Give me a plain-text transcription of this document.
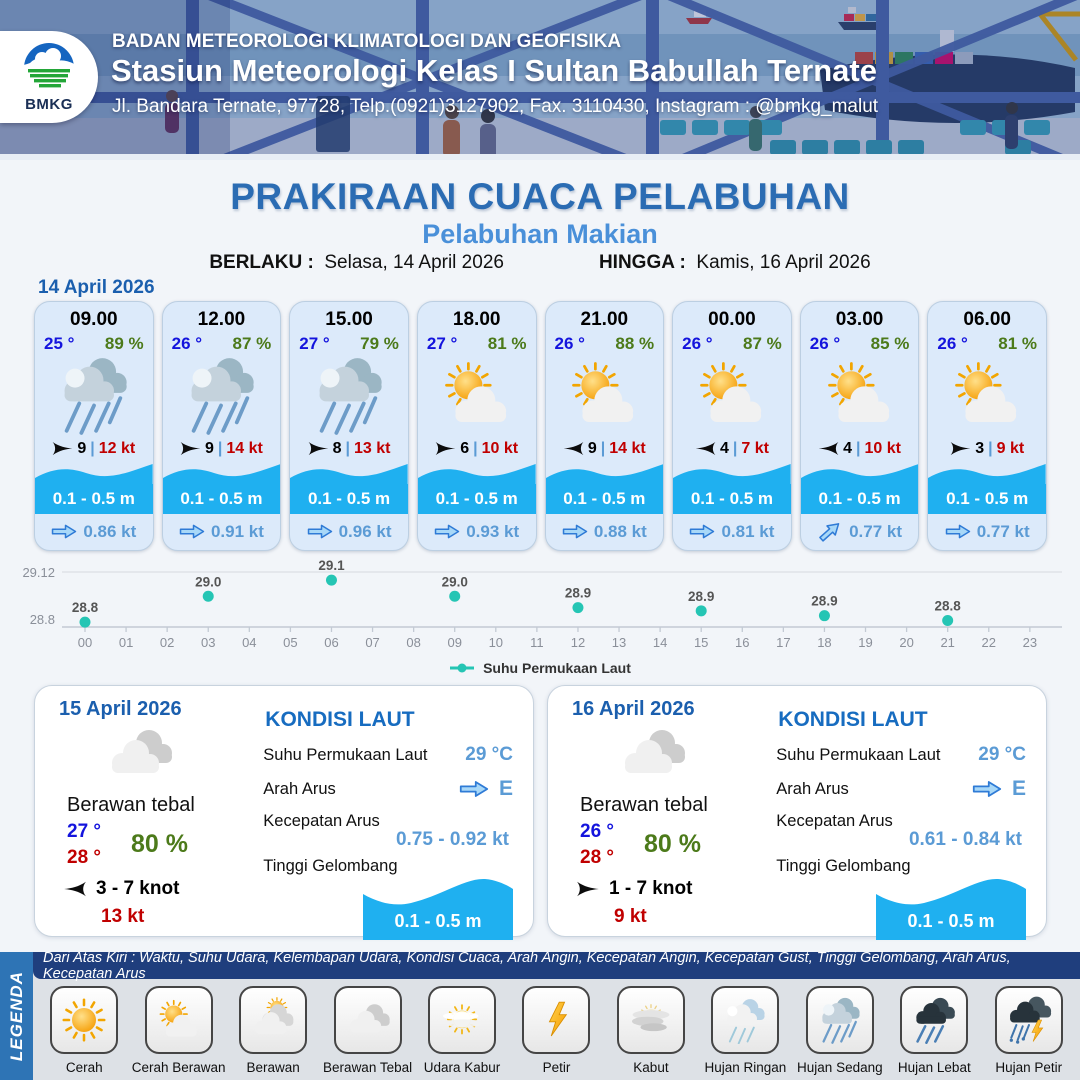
BMKG
BADAN METEOROLOGI KLIMATOLOGI DAN GEOFISIKA
Stasiun Meteorologi Kelas I Sultan Babullah Ternate
Jl. Bandara Ternate, 97728, Telp.(0921)3127902, Fax. 3110430, Instagram : @bmkg_malut
PRAKIRAAN CUACA PELABUHAN
Pelabuhan Makian
BERLAKU : Selasa, 14 April 2026	HINGGA : Kamis, 16 April 2026
14 April 2026
09.00
25 ° 89 %
9 | 12 kt
0.1 - 0.5 m
0.86 kt
12.00
26 ° 87 %
9 | 14 kt
0.1 - 0.5 m
0.91 kt
15.00
27 ° 79 %
8 | 13 kt
0.1 - 0.5 m
0.96 kt
18.00
27 ° 81 %
6 | 10 kt
0.1 - 0.5 m
0.93 kt
21.00
26 ° 88 %
9 | 14 kt
0.1 - 0.5 m
0.88 kt
00.00
26 ° 87 %
4 | 7 kt
0.1 - 0.5 m
0.81 kt
03.00
26 ° 85 %
4 | 10 kt
0.1 - 0.5 m
0.77 kt
06.00
26 ° 81 %
3 | 9 kt
0.1 - 0.5 m
0.77 kt
29.12
28.8
00 01 02 03 04 05 06 07 08 09 10 11 12 13 14 15 16 17 18 19 20 21 22 23
28.8
29.0
29.1
29.0
28.9	28.9	28.9	28.8
Suhu Permukaan Laut
15 April 2026
Berawan tebal
27 °
28 ° 80 %
3 - 7 knot
13 kt
KONDISI LAUT
Suhu Permukaan Laut 29 °C
Arah Arus	E
Kecepatan Arus
0.75 - 0.92 kt
Tinggi Gelombang
0.1 - 0.5 m
16 April 2026
Berawan tebal
26 °
28 ° 80 %
1 - 7 knot
9 kt
KONDISI LAUT
Suhu Permukaan Laut 29 °C
Arah Arus	E
Kecepatan Arus
0.61 - 0.84 kt
Tinggi Gelombang
0.1 - 0.5 m
LEGENDA
Dari Atas Kiri : Waktu, Suhu Udara, Kelembapan Udara, Kondisi Cuaca, Arah Angin, Kecepatan Angin, Kecepatan Gust, Tinggi Gelombang, Arah Arus, Kecepatan Arus
Cerah Cerah Berawan Berawan Berawan Tebal Udara Kabur	Petir	Kabut	Hujan Ringan Hujan Sedang Hujan Lebat Hujan Petir
